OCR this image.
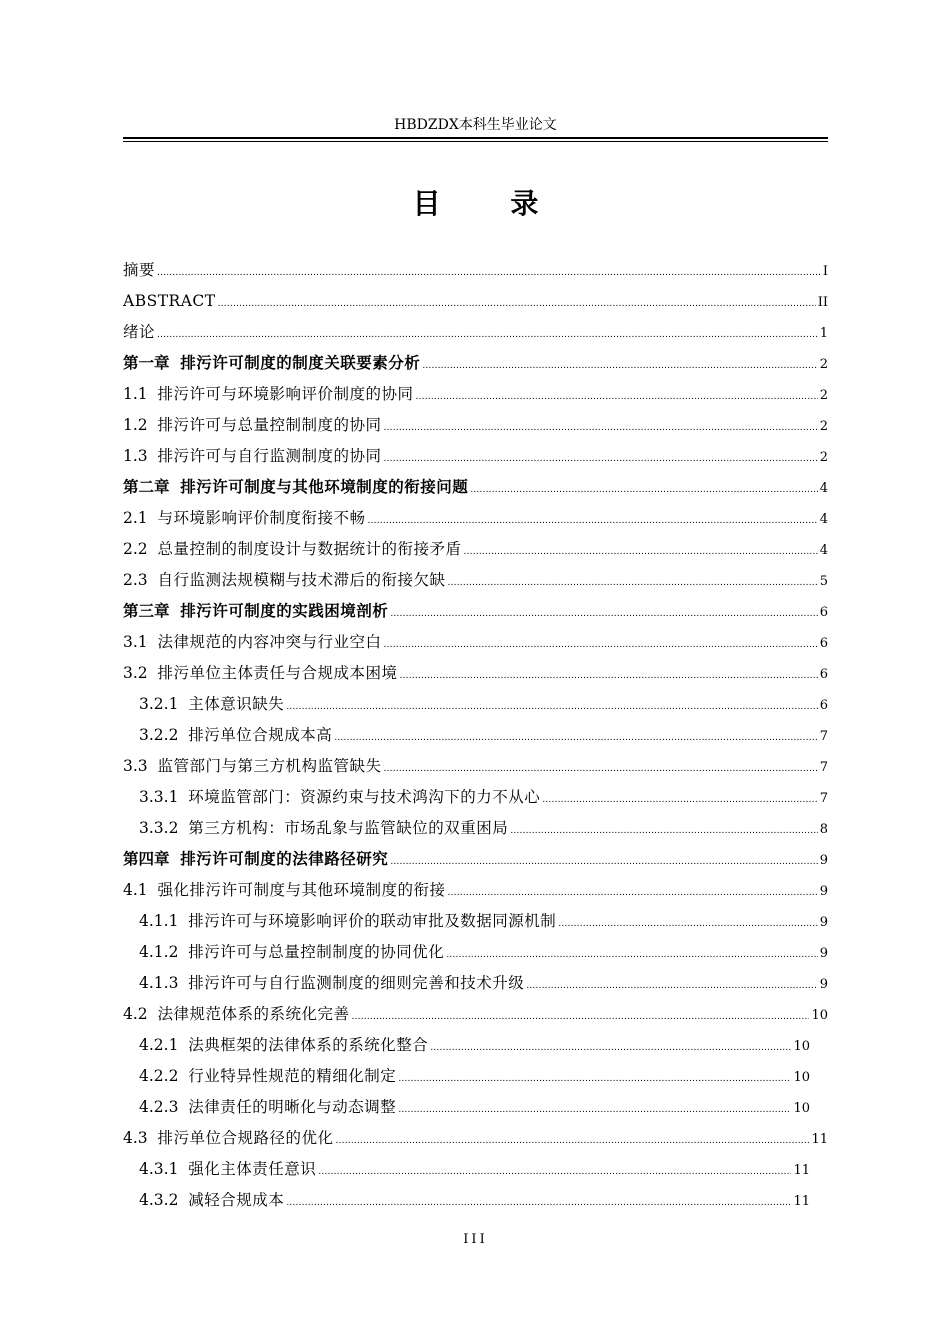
HBDZDX本科生毕业论文
目 录
摘要 .....	I
ABSTRACT .....	II
绪论 .....	1
第一章 排污许可制度的制度关联要素分析 .....	2
1.1 排污许可与环境影响评价制度的协同 .....	2
1.2 排污许可与总量控制制度的协同 .....	2
1.3 排污许可与自行监测制度的协同 .....	2
第二章 排污许可制度与其他环境制度的衔接问题 .....	4
2.1 与环境影响评价制度衔接不畅 .....	4
2.2 总量控制的制度设计与数据统计的衔接矛盾 .....	4
2.3 自行监测法规模糊与技术滞后的衔接欠缺 .....	5
第三章 排污许可制度的实践困境剖析 .....	6
3.1 法律规范的内容冲突与行业空白 .....	6
3.2 排污单位主体责任与合规成本困境 .....	6
3.2.1 主体意识缺失 .....	6
3.2.2 排污单位合规成本高 .....	7
3.3 监管部门与第三方机构监管缺失 .....	7
3.3.1 环境监管部门：资源约束与技术鸿沟下的力不从心 .....	7
3.3.2 第三方机构：市场乱象与监管缺位的双重困局 .....	8
第四章 排污许可制度的法律路径研究 .....	9
4.1 强化排污许可制度与其他环境制度的衔接 .....	9
4.1.1 排污许可与环境影响评价的联动审批及数据同源机制 .....	9
4.1.2 排污许可与总量控制制度的协同优化 .....	9
4.1.3 排污许可与自行监测制度的细则完善和技术升级 .....	9
4.2 法律规范体系的系统化完善 .....	10
4.2.1 法典框架的法律体系的系统化整合 .....	10
4.2.2 行业特异性规范的精细化制定 .....	10
4.2.3 法律责任的明晰化与动态调整 .....	10
4.3 排污单位合规路径的优化 .....	11
4.3.1 强化主体责任意识 .....	11
4.3.2 减轻合规成本 .....	11
III
